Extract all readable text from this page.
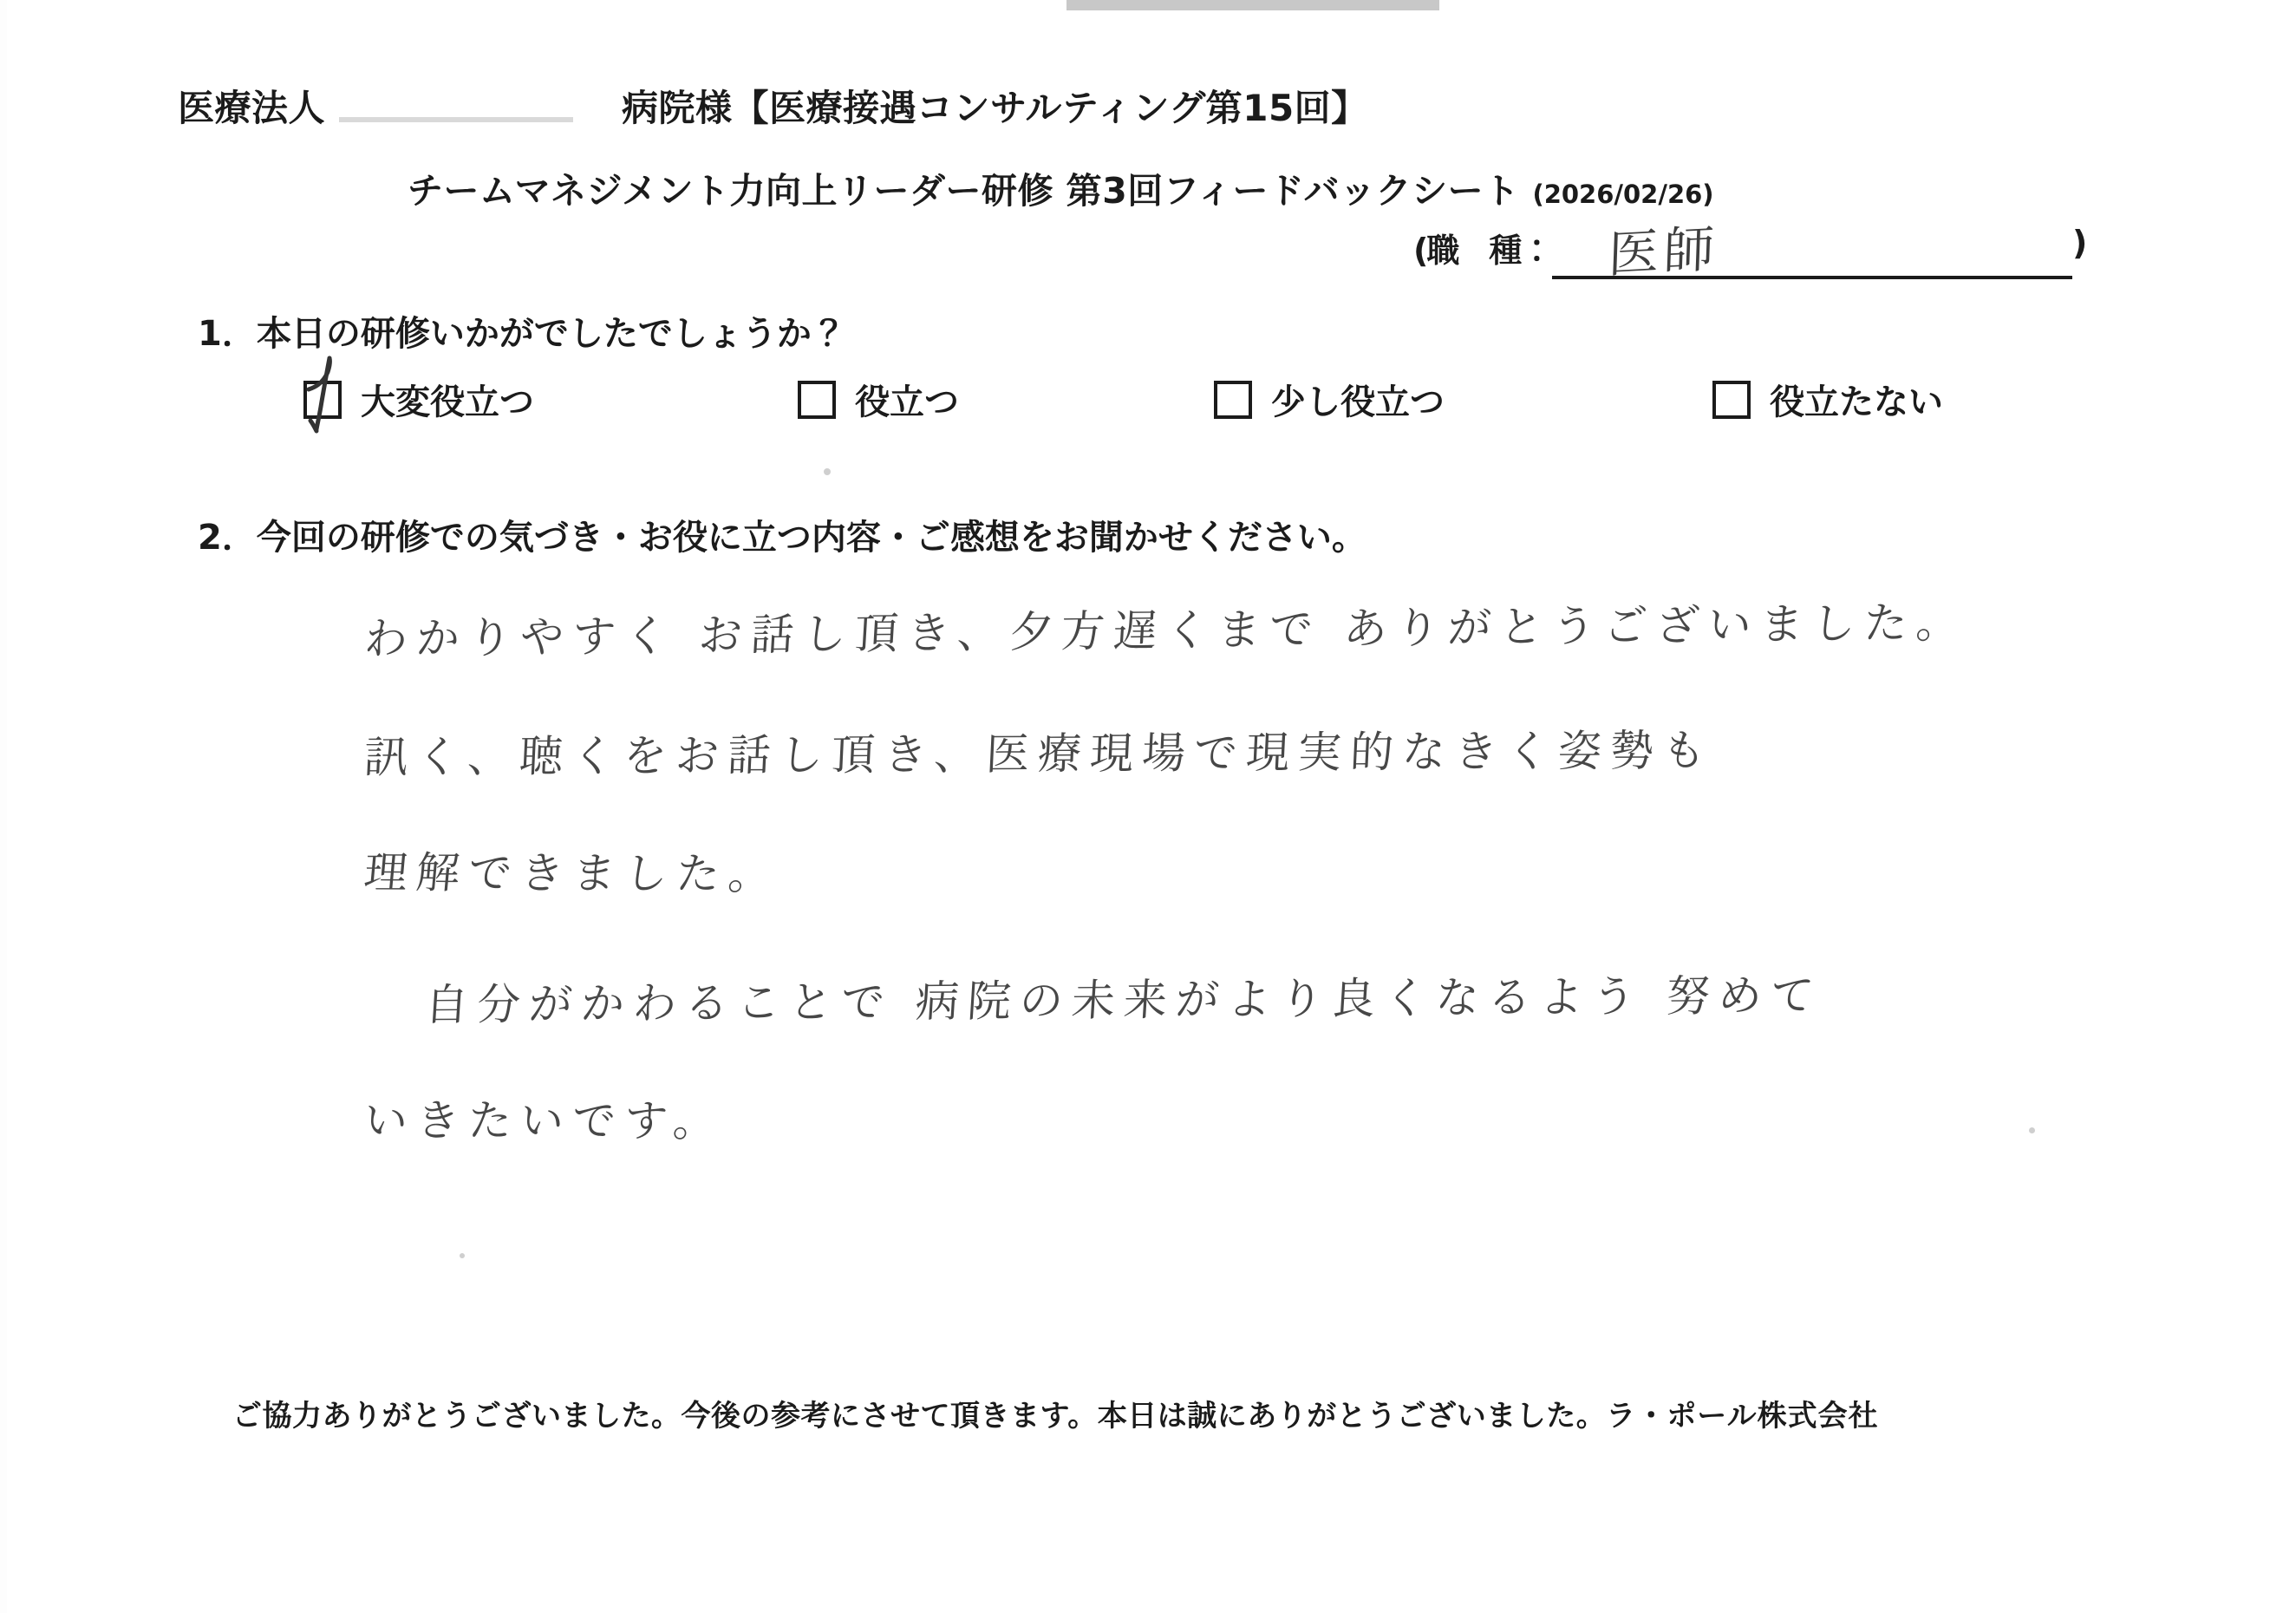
医療法人	病院様【医療接遇コンサルティング第15回】
チームマネジメント力向上リーダー研修 第3回フィードバックシート (2026/02/26)
(職　種：	)
医師
1．本日の研修いかがでしたでしょうか？
大変役立つ	役立つ	少し役立つ	役立たない
2．今回の研修での気づき・お役に立つ内容・ご感想をお聞かせください。
わかりやすく お話し頂き、夕方遅くまで ありがとうございました。
訊く、聴くをお話し頂き、医療現場で現実的なきく姿勢も
理解できました。
自分がかわることで 病院の未来がより良くなるよう 努めて
いきたいです。
ご協力ありがとうございました。今後の参考にさせて頂きます。本日は誠にありがとうございました。ラ・ポール株式会社
